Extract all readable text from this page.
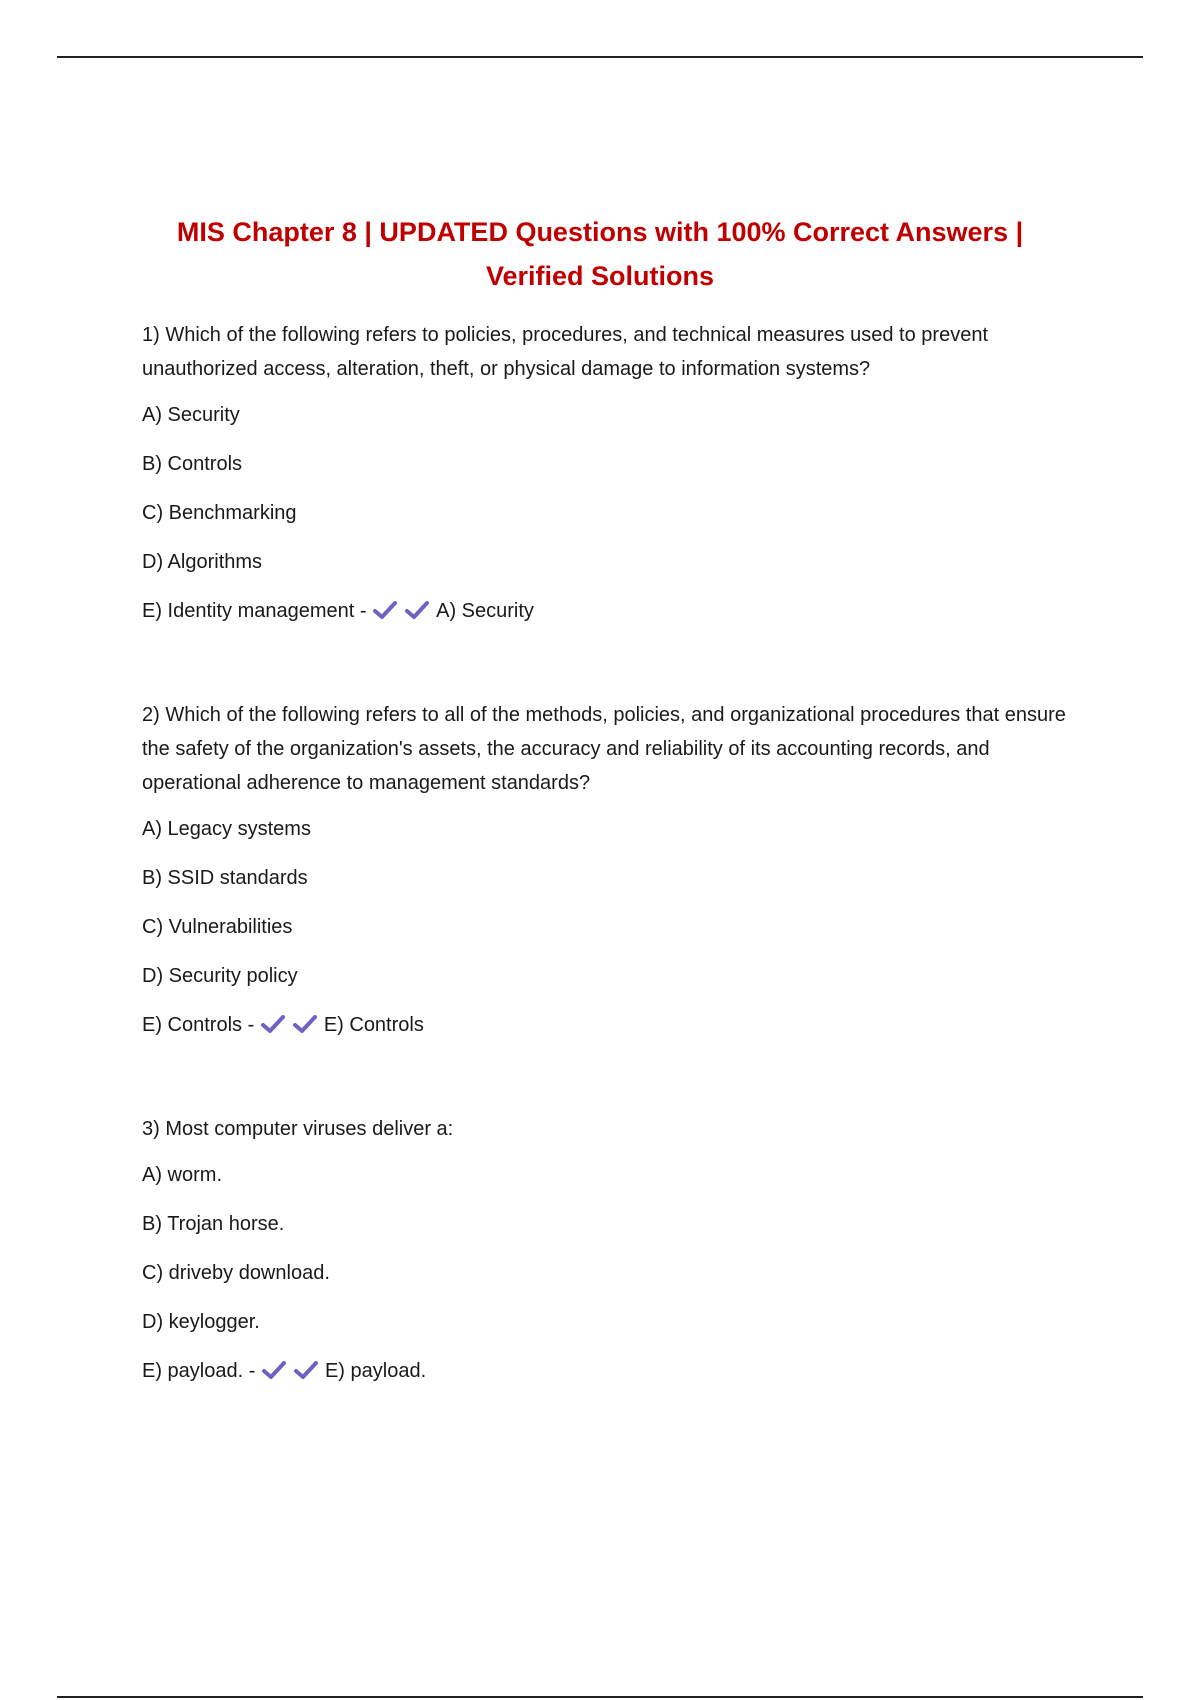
MIS Chapter 8 | UPDATED Questions with 100% Correct Answers |
Verified Solutions
1) Which of the following refers to policies, procedures, and technical measures used to prevent unauthorized access, alteration, theft, or physical damage to information systems?
A) Security
B) Controls
C) Benchmarking
D) Algorithms
E) Identity management -	A) Security
2) Which of the following refers to all of the methods, policies, and organizational procedures that ensure the safety of the organization's assets, the accuracy and reliability of its accounting records, and operational adherence to management standards?
A) Legacy systems
B) SSID standards
C) Vulnerabilities
D) Security policy
E) Controls -	E) Controls
3) Most computer viruses deliver a:
A) worm.
B) Trojan horse.
C) driveby download.
D) keylogger.
E) payload. -	E) payload.
